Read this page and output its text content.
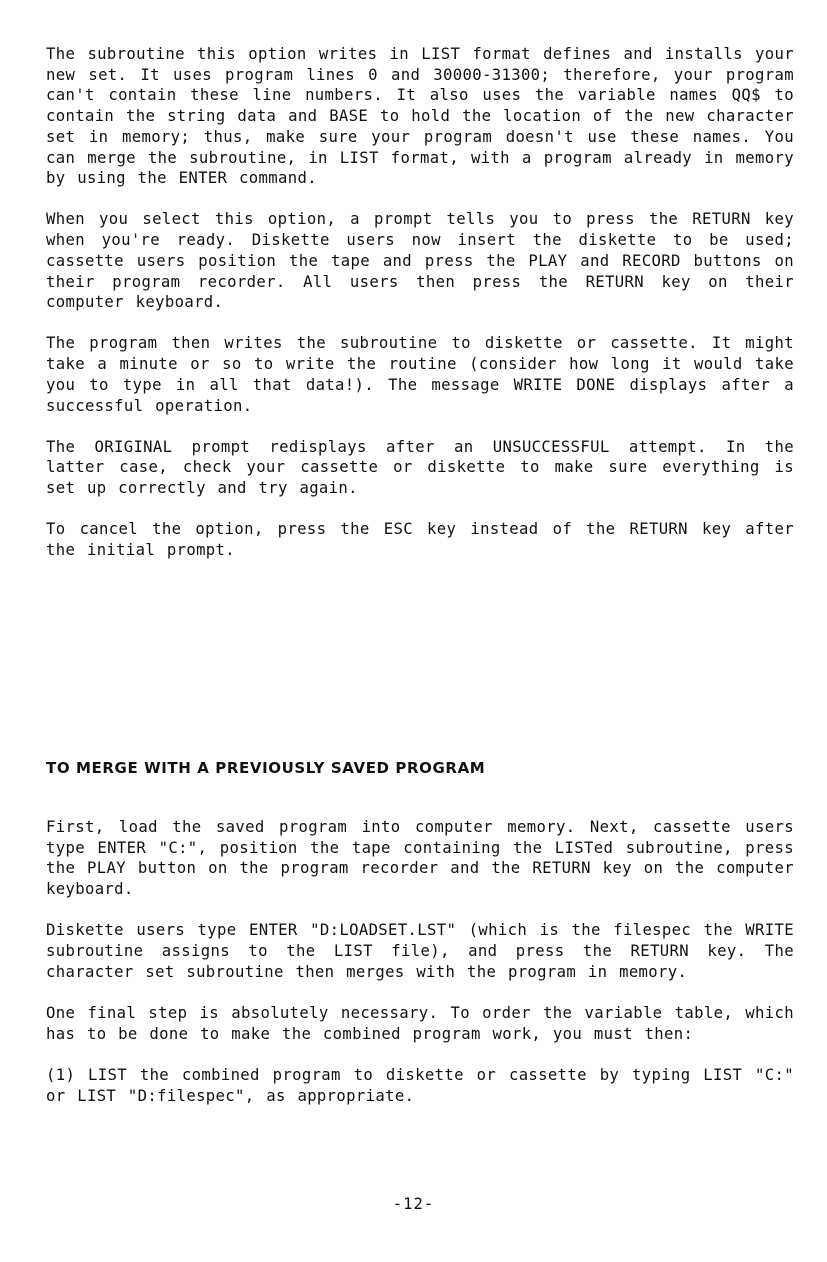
The subroutine this option writes in LIST format defines and installs your new set. It uses program lines 0 and 30000-31300; therefore, your program can't contain these line numbers. It also uses the variable names QQ$ to contain the string data and BASE to hold the location of the new character set in memory; thus, make sure your program doesn't use these names. You can merge the subroutine, in LIST format, with a program already in memory by using the ENTER command.

When you select this option, a prompt tells you to press the RETURN key when you're ready. Diskette users now insert the diskette to be used; cassette users position the tape and press the PLAY and RECORD buttons on their program recorder. All users then press the RETURN key on their computer keyboard.

The program then writes the subroutine to diskette or cassette. It might take a minute or so to write the routine (consider how long it would take you to type in all that data!). The message WRITE DONE displays after a successful operation.

The ORIGINAL prompt redisplays after an UNSUCCESSFUL attempt. In the latter case, check your cassette or diskette to make sure everything is set up correctly and try again.

To cancel the option, press the ESC key instead of the RETURN key after the initial prompt.

TO MERGE WITH A PREVIOUSLY SAVED PROGRAM

First, load the saved program into computer memory. Next, cassette users type ENTER "C:", position the tape containing the LISTed subroutine, press the PLAY button on the program recorder and the RETURN key on the computer keyboard.

Diskette users type ENTER "D:LOADSET.LST" (which is the filespec the WRITE subroutine assigns to the LIST file), and press the RETURN key. The character set subroutine then merges with the program in memory.

One final step is absolutely necessary. To order the variable table, which has to be done to make the combined program work, you must then:

(1) LIST the combined program to diskette or cassette by typing LIST "C:" or LIST "D:filespec", as appropriate.

-12-
